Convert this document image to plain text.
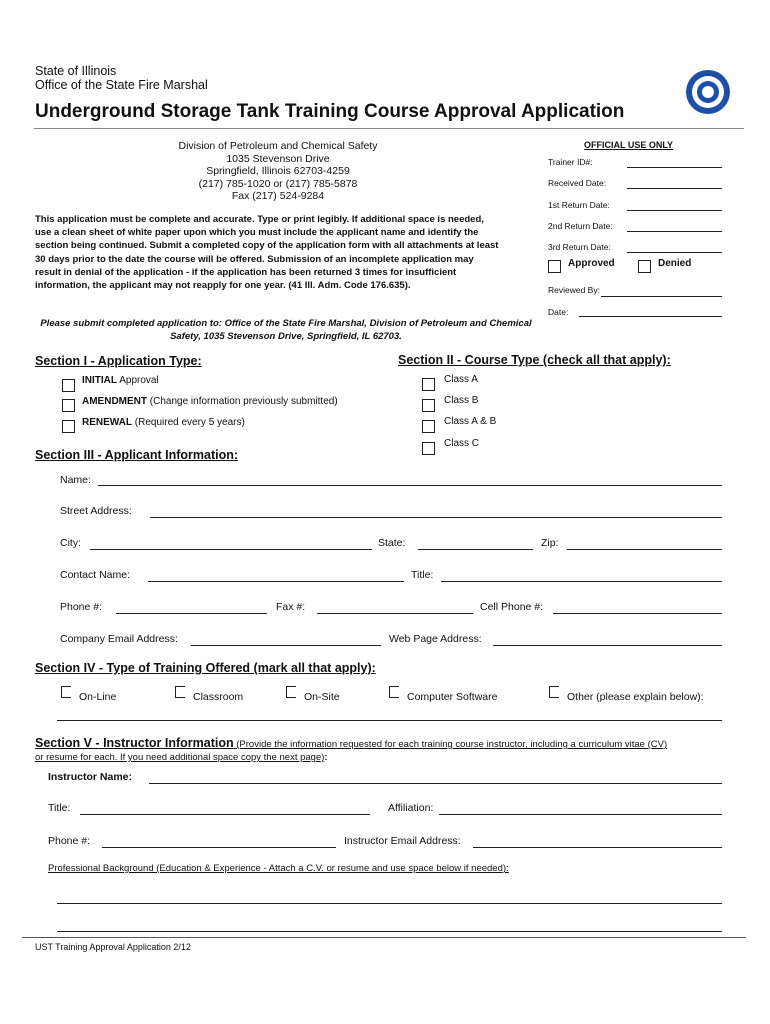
State of Illinois
Office of the State Fire Marshal
Underground Storage Tank Training Course Approval Application
Division of Petroleum and Chemical Safety
1035 Stevenson Drive
Springfield, Illinois 62703-4259
(217) 785-1020 or (217) 785-5878
Fax (217) 524-9284
This application must be complete and accurate. Type or print legibly. If additional space is needed, use a clean sheet of white paper upon which you must include the applicant name and identify the section being continued. Submit a completed copy of the application form with all attachments at least 30 days prior to the date the course will be offered. Submission of an incomplete application may result in denial of the application - if the application has been returned 3 times for insufficient information, the applicant may not reapply for one year. (41 Ill. Adm. Code 176.635).
Please submit completed application to: Office of the State Fire Marshal, Division of Petroleum and Chemical Safety, 1035 Stevenson Drive, Springfield, IL 62703.
OFFICIAL USE ONLY
Trainer ID#:
Received Date:
1st Return Date:
2nd Return Date:
3rd Return Date:
Approved	Denied
Reviewed By:
Date:
Section I - Application Type:
INITIAL Approval
AMENDMENT (Change information previously submitted)
RENEWAL (Required every 5 years)
Section II - Course Type (check all that apply):
Class A
Class B
Class A & B
Class C
Section III - Applicant Information:
Name:
Street Address:
City:	State:	Zip:
Contact Name:	Title:
Phone #:	Fax #:	Cell Phone #:
Company Email Address:	Web Page Address:
Section IV - Type of Training Offered (mark all that apply):
On-Line	Classroom	On-Site	Computer Software	Other (please explain below):
Section V - Instructor Information (Provide the information requested for each training course instructor, including a curriculum vitae (CV)
or resume for each. If you need additional space copy the next page):
Instructor Name:
Title:	Affiliation:
Phone #:	Instructor Email Address:
Professional Background (Education & Experience - Attach a C.V. or resume and use space below if needed):
UST Training Approval Application 2/12
